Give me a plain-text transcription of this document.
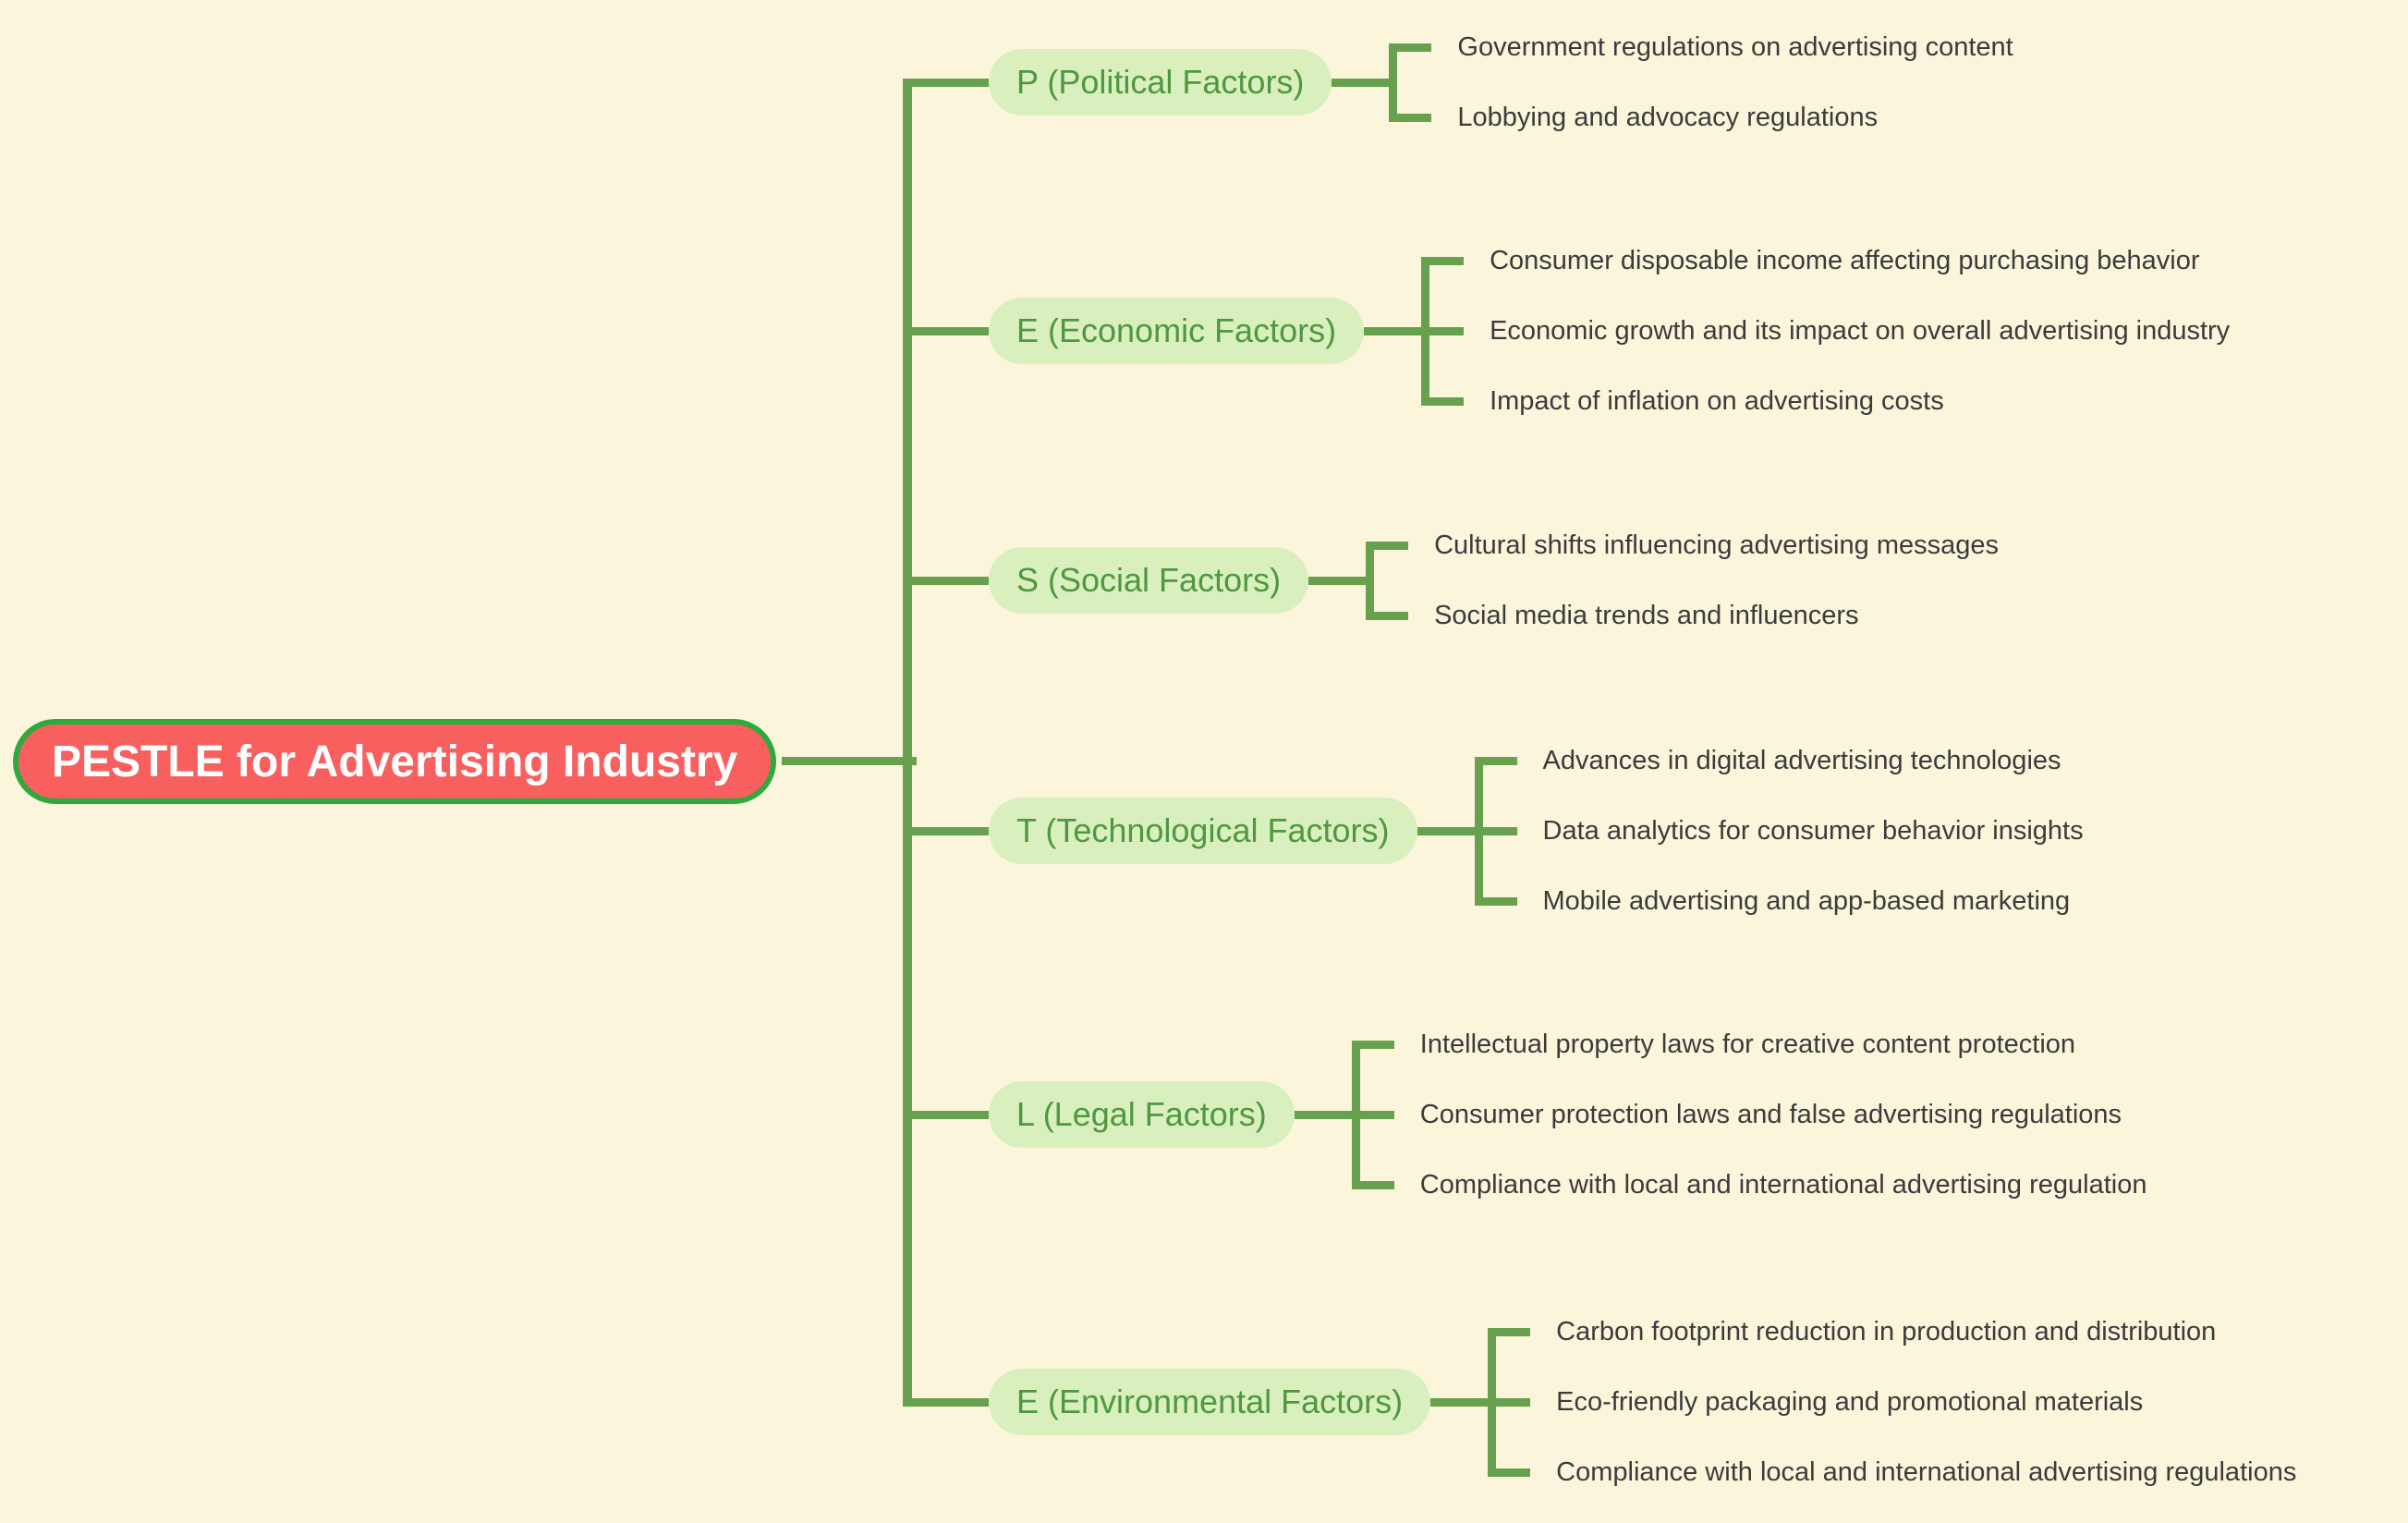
PESTLE for Advertising Industry
P (Political Factors)
Government regulations on advertising content
Lobbying and advocacy regulations
E (Economic Factors)
Consumer disposable income affecting purchasing behavior
Economic growth and its impact on overall advertising industry
Impact of inflation on advertising costs
S (Social Factors)
Cultural shifts influencing advertising messages
Social media trends and influencers
T (Technological Factors)
Advances in digital advertising technologies
Data analytics for consumer behavior insights
Mobile advertising and app-based marketing
L (Legal Factors)
Intellectual property laws for creative content protection
Consumer protection laws and false advertising regulations
Compliance with local and international advertising regulation
E (Environmental Factors)
Carbon footprint reduction in production and distribution
Eco-friendly packaging and promotional materials
Compliance with local and international advertising regulations
